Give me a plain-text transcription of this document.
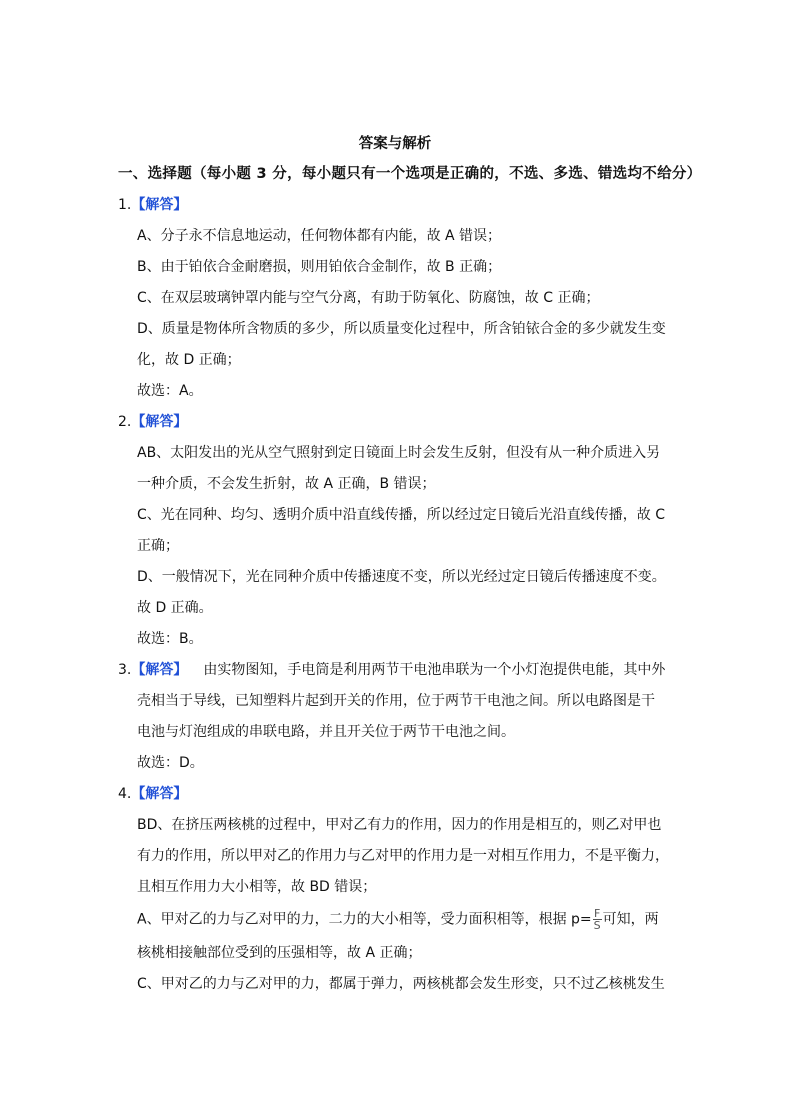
答案与解析
一、选择题（每小题 3 分，每小题只有一个选项是正确的，不选、多选、错选均不给分）
1.【解答】
A、分子永不信息地运动，任何物体都有内能，故 A 错误；
B、由于铂依合金耐磨损，则用铂依合金制作，故 B 正确；
C、在双层玻璃钟罩内能与空气分离，有助于防氧化、防腐蚀，故 C 正确；
D、质量是物体所含物质的多少，所以质量变化过程中，所含铂铱合金的多少就发生变
化，故 D 正确；
故选：A。
2.【解答】
AB、太阳发出的光从空气照射到定日镜面上时会发生反射，但没有从一种介质进入另
一种介质，不会发生折射，故 A 正确，B 错误；
C、光在同种、均匀、透明介质中沿直线传播，所以经过定日镜后光沿直线传播，故 C
正确；
D、一般情况下，光在同种介质中传播速度不变，所以光经过定日镜后传播速度不变。
故 D 正确。
故选：B。
3.【解答】 由实物图知，手电筒是利用两节干电池串联为一个小灯泡提供电能，其中外
壳相当于导线，已知塑料片起到开关的作用，位于两节干电池之间。所以电路图是干
电池与灯泡组成的串联电路，并且开关位于两节干电池之间。
故选：D。
4.【解答】
BD、在挤压两核桃的过程中，甲对乙有力的作用，因力的作用是相互的，则乙对甲也
有力的作用，所以甲对乙的作用力与乙对甲的作用力是一对相互作用力，不是平衡力，
且相互作用力大小相等，故 BD 错误；
A、甲对乙的力与乙对甲的力，二力的大小相等，受力面积相等，根据 $p= \frac{F}{S}$ 可知，两
核桃相接触部位受到的压强相等，故 A 正确；
C、甲对乙的力与乙对甲的力，都属于弹力，两核桃都会发生形变，只不过乙核桃发生
